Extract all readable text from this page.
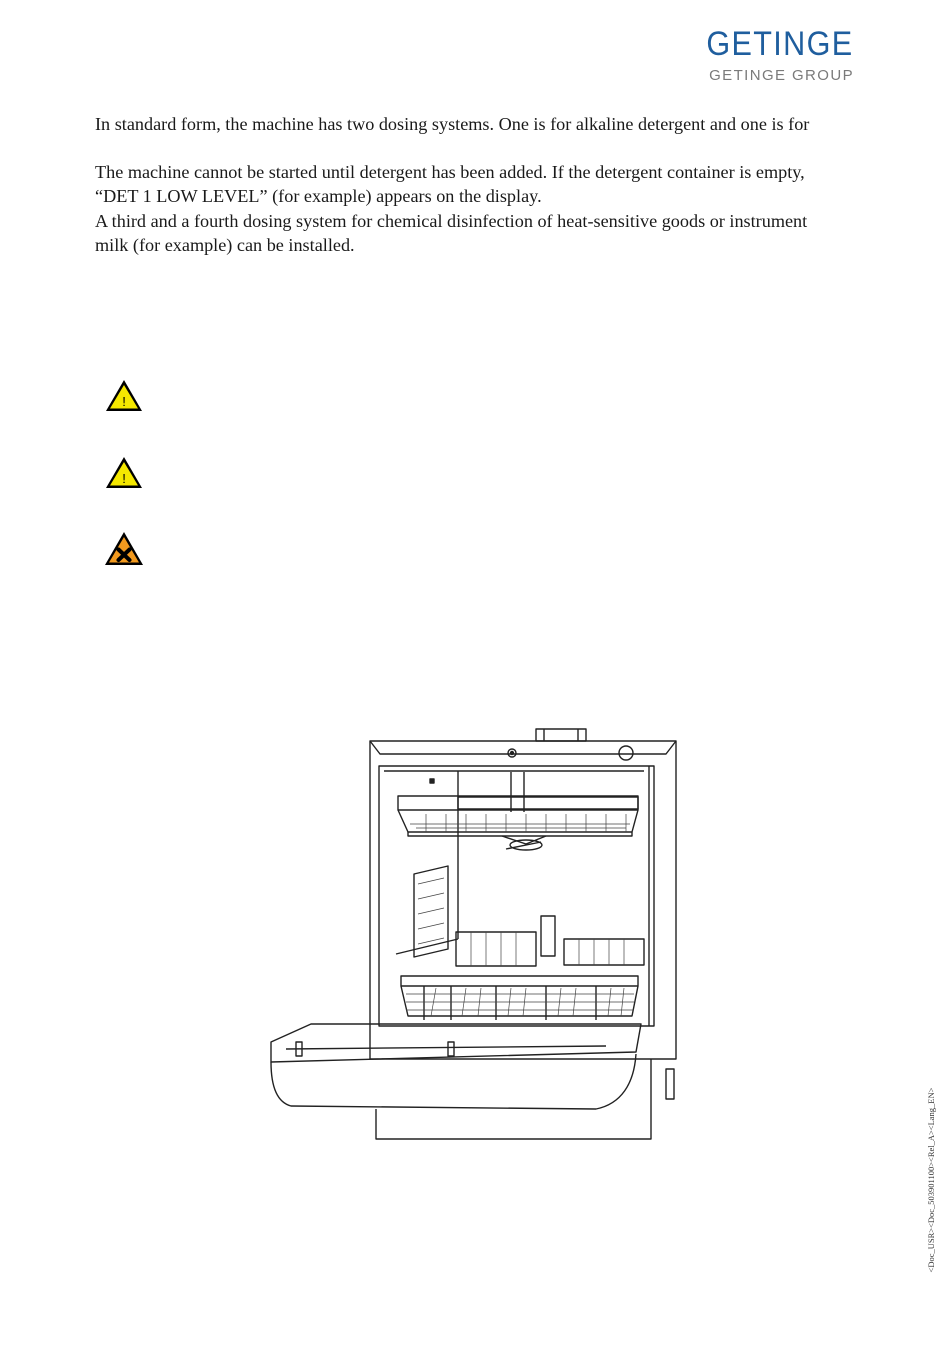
GETINGE
GETINGE GROUP

In standard form, the machine has two dosing systems. One is for alkaline detergent and one is for

The machine cannot be started until detergent has been added. If the detergent container is empty,

“DET 1 LOW LEVEL” (for example) appears on the display.

A third and a fourth dosing system for chemical disinfection of heat-sensitive goods or instrument

milk (for example) can be installed.

!
!
<Doc_USR><Doc_503901100><Rel_A><Lang_EN>
